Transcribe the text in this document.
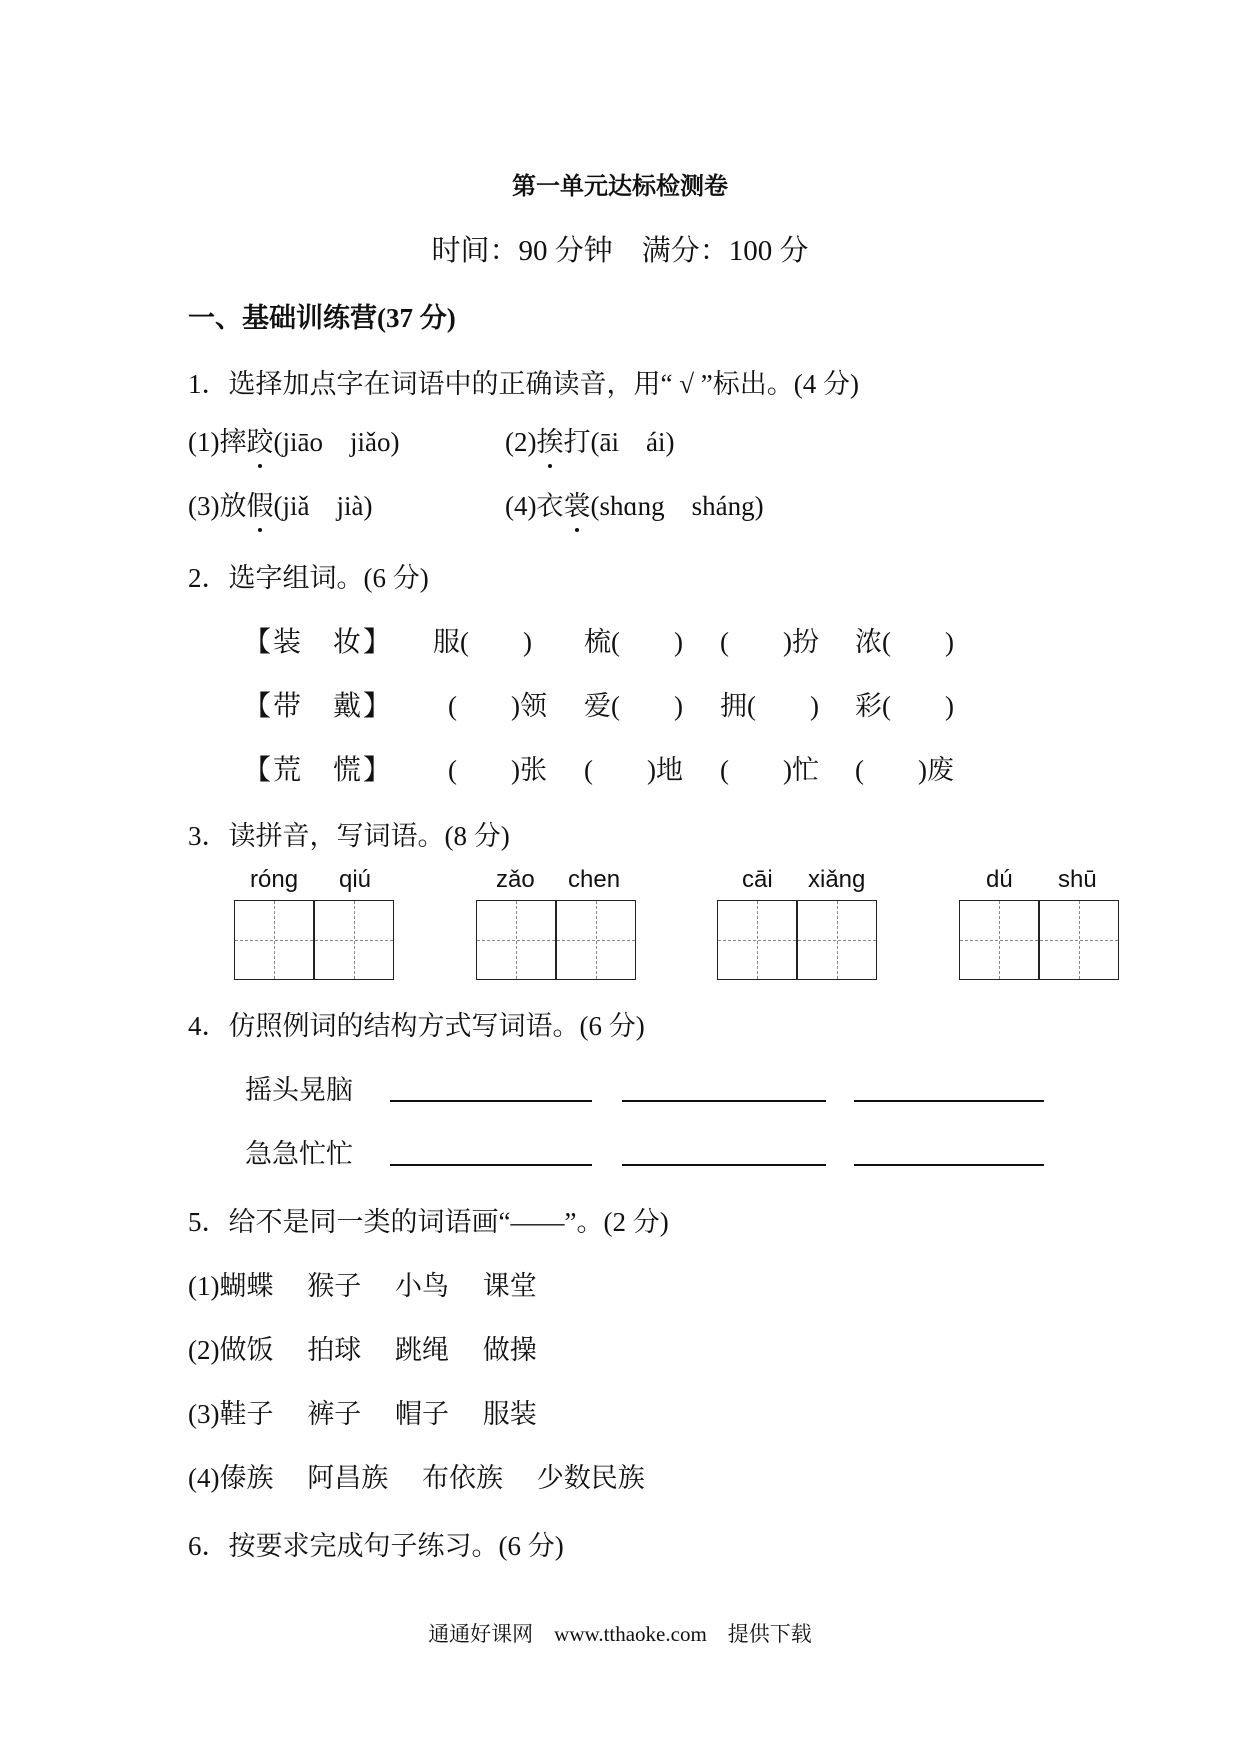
第一单元达标检测卷
时间：90 分钟　满分：100 分
一、基础训练营(37 分)
1．选择加点字在词语中的正确读音，用“ √ ”标出。(4 分)
(1)摔跤(jiāo　jiǎo)	(2)挨打(āi　ái)
(3)放假(jiǎ　jià)	(4)衣裳(shɑng　sháng)
2．选字组词。(6 分)
【装　妆】 服(　　) 梳(　　) (　　)扮 浓(　　)
【带　戴】 (　　)领 爱(　　) 拥(　　) 彩(　　)
【荒　慌】 (　　)张 (　　)地 (　　)忙 (　　)废
3．读拼音，写词语。(8 分)
róng qiú	zǎo chen	cāi xiǎng	dú shū
4．仿照例词的结构方式写词语。(6 分)
摇头晃脑
急急忙忙
5．给不是同一类的词语画“——”。(2 分)
(1)蝴蝶　 猴子　 小鸟　 课堂
(2)做饭　 拍球　 跳绳　 做操
(3)鞋子　 裤子　 帽子　 服装
(4)傣族　 阿昌族　 布依族　 少数民族
6．按要求完成句子练习。(6 分)
通通好课网　www.tthaoke.com　提供下载
